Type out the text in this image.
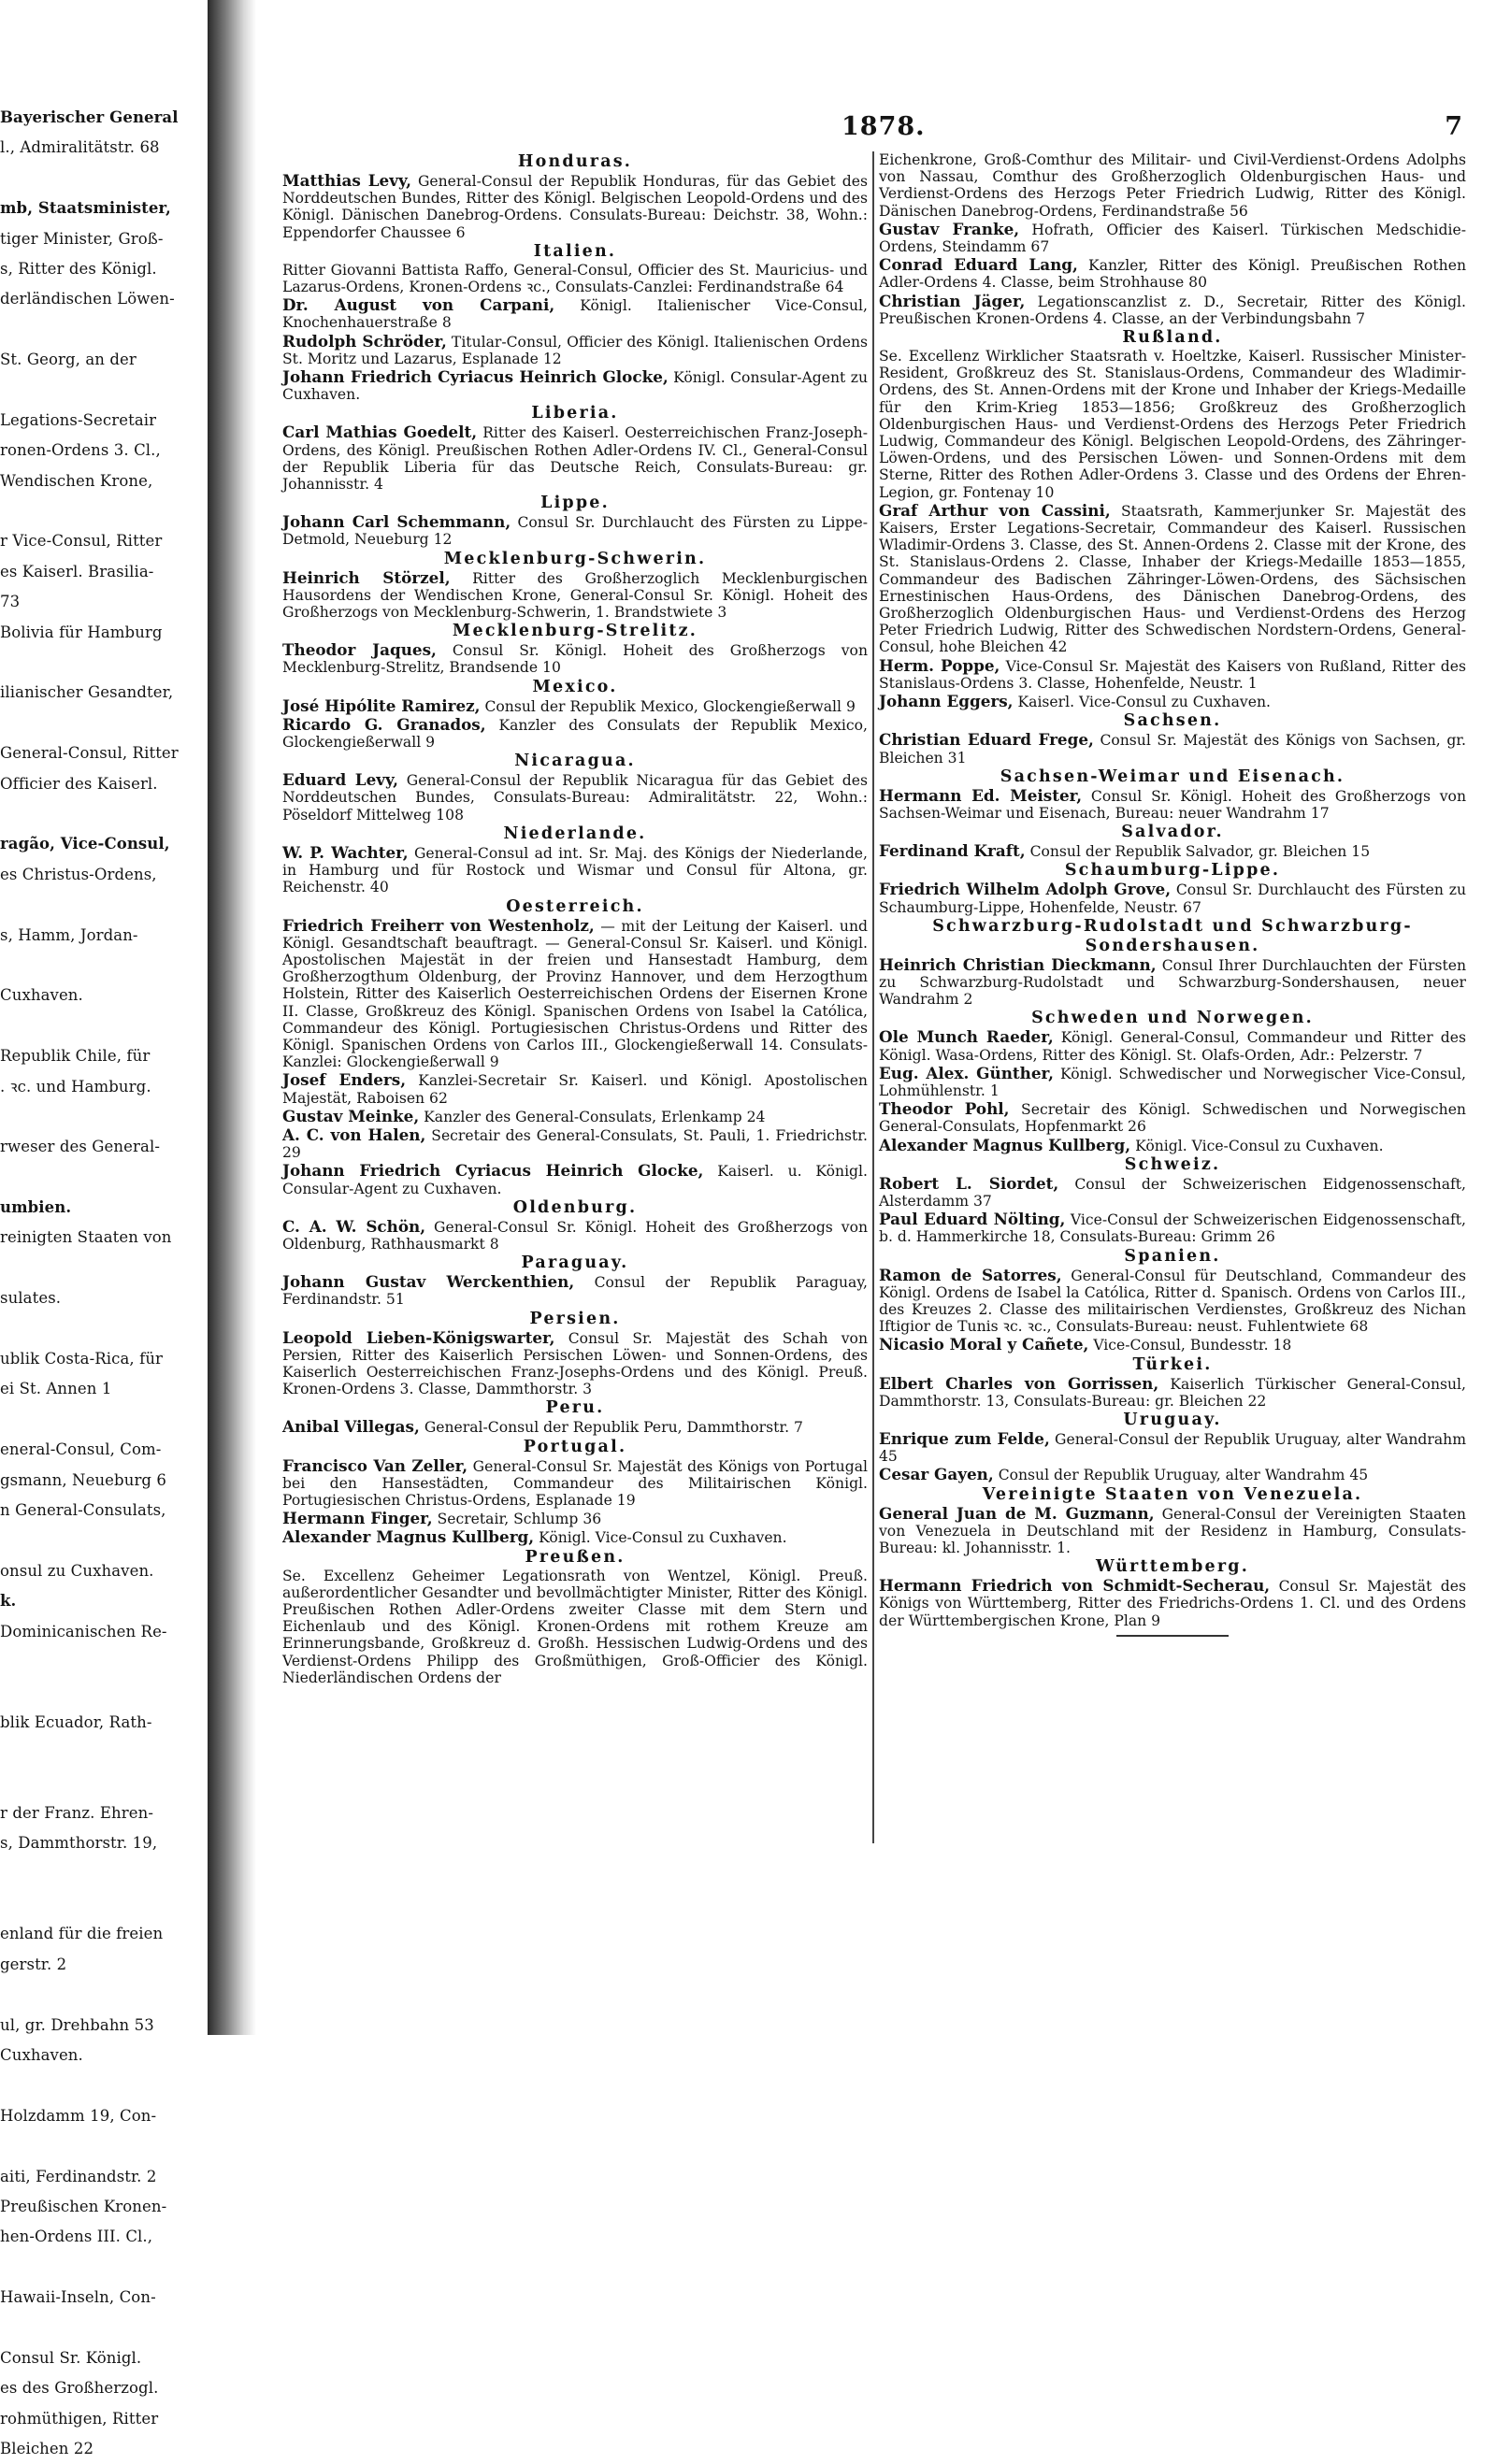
Bayerischer General
l., Admiralitätstr. 68

mb, Staatsminister,
tiger Minister, Groß-
s, Ritter des Königl.
derländischen Löwen-

St. Georg, an der

Legations-Secretair
ronen-Ordens 3. Cl.,
Wendischen Krone,

r Vice-Consul, Ritter
es Kaiserl. Brasilia-
73
Bolivia für Hamburg

ilianischer Gesandter,

General-Consul, Ritter
Officier des Kaiserl.

ragão, Vice-Consul,
es Christus-Ordens,

s, Hamm, Jordan-

Cuxhaven.

Republik Chile, für
. ꝛc. und Hamburg.

rweser des General-

umbien.
reinigten Staaten von

sulates.

ublik Costa-Rica, für
ei St. Annen 1

eneral-Consul, Com-
gsmann, Neueburg 6
n General-Consulats,

onsul zu Cuxhaven.
k.
Dominicanischen Re-

blik Ecuador, Rath-

r der Franz. Ehren-
s, Dammthorstr. 19,

enland für die freien
gerstr. 2

ul, gr. Drehbahn 53
Cuxhaven.

Holzdamm 19, Con-

aiti, Ferdinandstr. 2
Preußischen Kronen-
hen-Ordens III. Cl.,

Hawaii-Inseln, Con-

Consul Sr. Königl.
es des Großherzogl.
rohmüthigen, Ritter
Bleichen 22
1878.	7
Honduras.
Matthias Levy, General-Consul der Republik Honduras, für das Gebiet des Norddeutschen Bundes, Ritter des Königl. Belgischen Leopold-Ordens und des Königl. Dänischen Danebrog-Ordens. Consulats-Bureau: Deichstr. 38, Wohn.: Eppendorfer Chaussee 6
Italien.
Ritter Giovanni Battista Raffo, General-Consul, Officier des St. Mauricius- und Lazarus-Ordens, Kronen-Ordens ꝛc., Consulats-Canzlei: Ferdinandstraße 64
Dr. August von Carpani, Königl. Italienischer Vice-Consul, Knochenhauerstraße 8
Rudolph Schröder, Titular-Consul, Officier des Königl. Italienischen Ordens St. Moritz und Lazarus, Esplanade 12
Johann Friedrich Cyriacus Heinrich Glocke, Königl. Consular-Agent zu Cuxhaven.
Liberia.
Carl Mathias Goedelt, Ritter des Kaiserl. Oesterreichischen Franz-Joseph-Ordens, des Königl. Preußischen Rothen Adler-Ordens IV. Cl., General-Consul der Republik Liberia für das Deutsche Reich, Consulats-Bureau: gr. Johannisstr. 4
Lippe.
Johann Carl Schemmann, Consul Sr. Durchlaucht des Fürsten zu Lippe-Detmold, Neueburg 12
Mecklenburg-Schwerin.
Heinrich Störzel, Ritter des Großherzoglich Mecklenburgischen Hausordens der Wendischen Krone, General-Consul Sr. Königl. Hoheit des Großherzogs von Mecklenburg-Schwerin, 1. Brandstwiete 3
Mecklenburg-Strelitz.
Theodor Jaques, Consul Sr. Königl. Hoheit des Großherzogs von Mecklenburg-Strelitz, Brandsende 10
Mexico.
José Hipólite Ramirez, Consul der Republik Mexico, Glockengießerwall 9
Ricardo G. Granados, Kanzler des Consulats der Republik Mexico, Glockengießerwall 9
Nicaragua.
Eduard Levy, General-Consul der Republik Nicaragua für das Gebiet des Norddeutschen Bundes, Consulats-Bureau: Admiralitätstr. 22, Wohn.: Pöseldorf Mittelweg 108
Niederlande.
W. P. Wachter, General-Consul ad int. Sr. Maj. des Königs der Niederlande, in Hamburg und für Rostock und Wismar und Consul für Altona, gr. Reichenstr. 40
Oesterreich.
Friedrich Freiherr von Westenholz, — mit der Leitung der Kaiserl. und Königl. Gesandtschaft beauftragt. — General-Consul Sr. Kaiserl. und Königl. Apostolischen Majestät in der freien und Hansestadt Hamburg, dem Großherzogthum Oldenburg, der Provinz Hannover, und dem Herzogthum Holstein, Ritter des Kaiserlich Oesterreichischen Ordens der Eisernen Krone II. Classe, Großkreuz des Königl. Spanischen Ordens von Isabel la Católica, Commandeur des Königl. Portugiesischen Christus-Ordens und Ritter des Königl. Spanischen Ordens von Carlos III., Glockengießerwall 14. Consulats-Kanzlei: Glockengießerwall 9
Josef Enders, Kanzlei-Secretair Sr. Kaiserl. und Königl. Apostolischen Majestät, Raboisen 62
Gustav Meinke, Kanzler des General-Consulats, Erlenkamp 24
A. C. von Halen, Secretair des General-Consulats, St. Pauli, 1. Friedrichstr. 29
Johann Friedrich Cyriacus Heinrich Glocke, Kaiserl. u. Königl. Consular-Agent zu Cuxhaven.
Oldenburg.
C. A. W. Schön, General-Consul Sr. Königl. Hoheit des Großherzogs von Oldenburg, Rathhausmarkt 8
Paraguay.
Johann Gustav Werckenthien, Consul der Republik Paraguay, Ferdinandstr. 51
Persien.
Leopold Lieben-Königswarter, Consul Sr. Majestät des Schah von Persien, Ritter des Kaiserlich Persischen Löwen- und Sonnen-Ordens, des Kaiserlich Oesterreichischen Franz-Josephs-Ordens und des Königl. Preuß. Kronen-Ordens 3. Classe, Dammthorstr. 3
Peru.
Anibal Villegas, General-Consul der Republik Peru, Dammthorstr. 7
Portugal.
Francisco Van Zeller, General-Consul Sr. Majestät des Königs von Portugal bei den Hansestädten, Commandeur des Militairischen Königl. Portugiesischen Christus-Ordens, Esplanade 19
Hermann Finger, Secretair, Schlump 36
Alexander Magnus Kullberg, Königl. Vice-Consul zu Cuxhaven.
Preußen.
Se. Excellenz Geheimer Legationsrath von Wentzel, Königl. Preuß. außerordentlicher Gesandter und bevollmächtigter Minister, Ritter des Königl. Preußischen Rothen Adler-Ordens zweiter Classe mit dem Stern und Eichenlaub und des Königl. Kronen-Ordens mit rothem Kreuze am Erinnerungsbande, Großkreuz d. Großh. Hessischen Ludwig-Ordens und des Verdienst-Ordens Philipp des Großmüthigen, Groß-Officier des Königl. Niederländischen Ordens der
Eichenkrone, Groß-Comthur des Militair- und Civil-Verdienst-Ordens Adolphs von Nassau, Comthur des Großherzoglich Oldenburgischen Haus- und Verdienst-Ordens des Herzogs Peter Friedrich Ludwig, Ritter des Königl. Dänischen Danebrog-Ordens, Ferdinandstraße 56
Gustav Franke, Hofrath, Officier des Kaiserl. Türkischen Medschidie-Ordens, Steindamm 67
Conrad Eduard Lang, Kanzler, Ritter des Königl. Preußischen Rothen Adler-Ordens 4. Classe, beim Strohhause 80
Christian Jäger, Legationscanzlist z. D., Secretair, Ritter des Königl. Preußischen Kronen-Ordens 4. Classe, an der Verbindungsbahn 7
Rußland.
Se. Excellenz Wirklicher Staatsrath v. Hoeltzke, Kaiserl. Russischer Minister-Resident, Großkreuz des St. Stanislaus-Ordens, Commandeur des Wladimir-Ordens, des St. Annen-Ordens mit der Krone und Inhaber der Kriegs-Medaille für den Krim-Krieg 1853—1856; Großkreuz des Großherzoglich Oldenburgischen Haus- und Verdienst-Ordens des Herzogs Peter Friedrich Ludwig, Commandeur des Königl. Belgischen Leopold-Ordens, des Zähringer-Löwen-Ordens, und des Persischen Löwen- und Sonnen-Ordens mit dem Sterne, Ritter des Rothen Adler-Ordens 3. Classe und des Ordens der Ehren-Legion, gr. Fontenay 10
Graf Arthur von Cassini, Staatsrath, Kammerjunker Sr. Majestät des Kaisers, Erster Legations-Secretair, Commandeur des Kaiserl. Russischen Wladimir-Ordens 3. Classe, des St. Annen-Ordens 2. Classe mit der Krone, des St. Stanislaus-Ordens 2. Classe, Inhaber der Kriegs-Medaille 1853—1855, Commandeur des Badischen Zähringer-Löwen-Ordens, des Sächsischen Ernestinischen Haus-Ordens, des Dänischen Danebrog-Ordens, des Großherzoglich Oldenburgischen Haus- und Verdienst-Ordens des Herzog Peter Friedrich Ludwig, Ritter des Schwedischen Nordstern-Ordens, General-Consul, hohe Bleichen 42
Herm. Poppe, Vice-Consul Sr. Majestät des Kaisers von Rußland, Ritter des Stanislaus-Ordens 3. Classe, Hohenfelde, Neustr. 1
Johann Eggers, Kaiserl. Vice-Consul zu Cuxhaven.
Sachsen.
Christian Eduard Frege, Consul Sr. Majestät des Königs von Sachsen, gr. Bleichen 31
Sachsen-Weimar und Eisenach.
Hermann Ed. Meister, Consul Sr. Königl. Hoheit des Großherzogs von Sachsen-Weimar und Eisenach, Bureau: neuer Wandrahm 17
Salvador.
Ferdinand Kraft, Consul der Republik Salvador, gr. Bleichen 15
Schaumburg-Lippe.
Friedrich Wilhelm Adolph Grove, Consul Sr. Durchlaucht des Fürsten zu Schaumburg-Lippe, Hohenfelde, Neustr. 67
Schwarzburg-Rudolstadt und Schwarzburg-Sondershausen.
Heinrich Christian Dieckmann, Consul Ihrer Durchlauchten der Fürsten zu Schwarzburg-Rudolstadt und Schwarzburg-Sondershausen, neuer Wandrahm 2
Schweden und Norwegen.
Ole Munch Raeder, Königl. General-Consul, Commandeur und Ritter des Königl. Wasa-Ordens, Ritter des Königl. St. Olafs-Orden, Adr.: Pelzerstr. 7
Eug. Alex. Günther, Königl. Schwedischer und Norwegischer Vice-Consul, Lohmühlenstr. 1
Theodor Pohl, Secretair des Königl. Schwedischen und Norwegischen General-Consulats, Hopfenmarkt 26
Alexander Magnus Kullberg, Königl. Vice-Consul zu Cuxhaven.
Schweiz.
Robert L. Siordet, Consul der Schweizerischen Eidgenossenschaft, Alsterdamm 37
Paul Eduard Nölting, Vice-Consul der Schweizerischen Eidgenossenschaft, b. d. Hammerkirche 18, Consulats-Bureau: Grimm 26
Spanien.
Ramon de Satorres, General-Consul für Deutschland, Commandeur des Königl. Ordens de Isabel la Católica, Ritter d. Spanisch. Ordens von Carlos III., des Kreuzes 2. Classe des militairischen Verdienstes, Großkreuz des Nichan Iftigior de Tunis ꝛc. ꝛc., Consulats-Bureau: neust. Fuhlentwiete 68
Nicasio Moral y Cañete, Vice-Consul, Bundesstr. 18
Türkei.
Elbert Charles von Gorrissen, Kaiserlich Türkischer General-Consul, Dammthorstr. 13, Consulats-Bureau: gr. Bleichen 22
Uruguay.
Enrique zum Felde, General-Consul der Republik Uruguay, alter Wandrahm 45
Cesar Gayen, Consul der Republik Uruguay, alter Wandrahm 45
Vereinigte Staaten von Venezuela.
General Juan de M. Guzmann, General-Consul der Vereinigten Staaten von Venezuela in Deutschland mit der Residenz in Hamburg, Consulats-Bureau: kl. Johannisstr. 1.
Württemberg.
Hermann Friedrich von Schmidt-Secherau, Consul Sr. Majestät des Königs von Württemberg, Ritter des Friedrichs-Ordens 1. Cl. und des Ordens der Württembergischen Krone, Plan 9
